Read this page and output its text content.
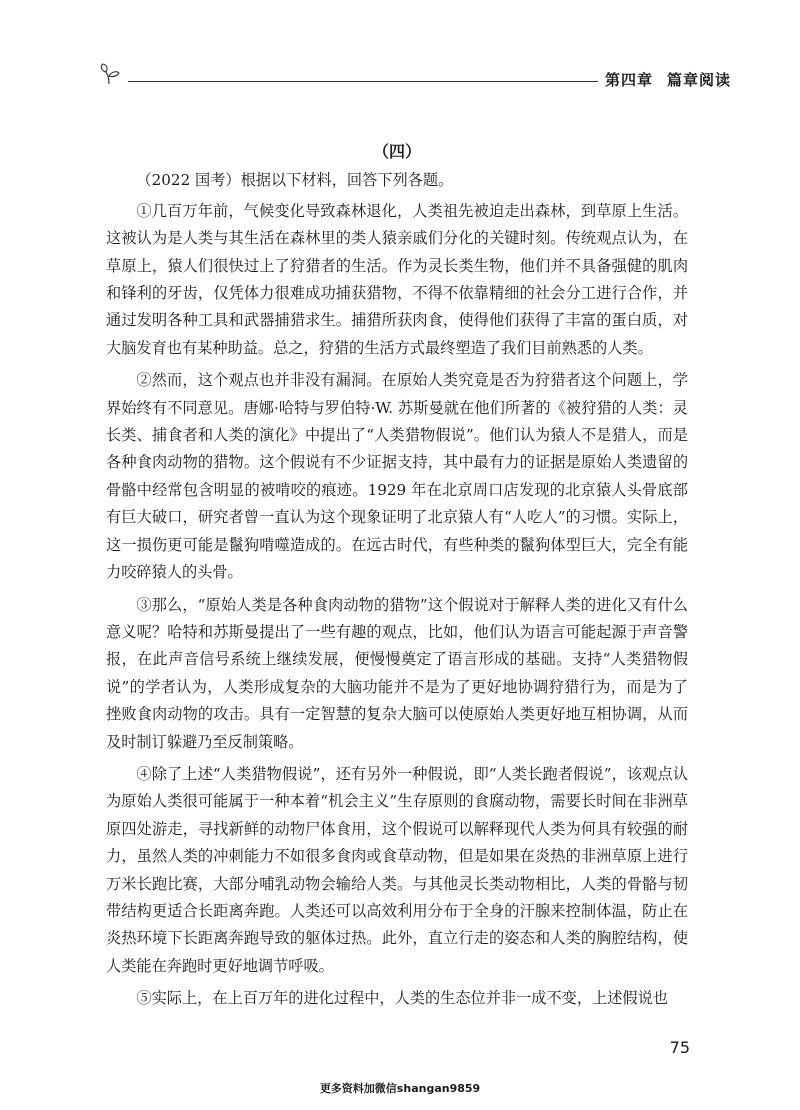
第四章 篇章阅读
（四）

（2022 国考）根据以下材料，回答下列各题。

①几百万年前，气候变化导致森林退化，人类祖先被迫走出森林，到草原上生活。这被认为是人类与其生活在森林里的类人猿亲戚们分化的关键时刻。传统观点认为，在草原上，猿人们很快过上了狩猎者的生活。作为灵长类生物，他们并不具备强健的肌肉和锋利的牙齿，仅凭体力很难成功捕获猎物，不得不依靠精细的社会分工进行合作，并通过发明各种工具和武器捕猎求生。捕猎所获肉食，使得他们获得了丰富的蛋白质，对大脑发育也有某种助益。总之，狩猎的生活方式最终塑造了我们目前熟悉的人类。

②然而，这个观点也并非没有漏洞。在原始人类究竟是否为狩猎者这个问题上，学界始终有不同意见。唐娜·哈特与罗伯特·W. 苏斯曼就在他们所著的《被狩猎的人类：灵长类、捕食者和人类的演化》中提出了“人类猎物假说”。他们认为猿人不是猎人，而是各种食肉动物的猎物。这个假说有不少证据支持，其中最有力的证据是原始人类遗留的骨骼中经常包含明显的被啃咬的痕迹。1929 年在北京周口店发现的北京猿人头骨底部有巨大破口，研究者曾一直认为这个现象证明了北京猿人有“人吃人”的习惯。实际上，这一损伤更可能是鬣狗啃噬造成的。在远古时代，有些种类的鬣狗体型巨大，完全有能力咬碎猿人的头骨。

③那么，“原始人类是各种食肉动物的猎物”这个假说对于解释人类的进化又有什么意义呢？哈特和苏斯曼提出了一些有趣的观点，比如，他们认为语言可能起源于声音警报，在此声音信号系统上继续发展，便慢慢奠定了语言形成的基础。支持“人类猎物假说”的学者认为，人类形成复杂的大脑功能并不是为了更好地协调狩猎行为，而是为了挫败食肉动物的攻击。具有一定智慧的复杂大脑可以使原始人类更好地互相协调，从而及时制订躲避乃至反制策略。

④除了上述“人类猎物假说”，还有另外一种假说，即“人类长跑者假说”，该观点认为原始人类很可能属于一种本着“机会主义”生存原则的食腐动物，需要长时间在非洲草原四处游走，寻找新鲜的动物尸体食用，这个假说可以解释现代人类为何具有较强的耐力，虽然人类的冲刺能力不如很多食肉或食草动物，但是如果在炎热的非洲草原上进行万米长跑比赛，大部分哺乳动物会输给人类。与其他灵长类动物相比，人类的骨骼与韧带结构更适合长距离奔跑。人类还可以高效利用分布于全身的汗腺来控制体温，防止在炎热环境下长距离奔跑导致的躯体过热。此外，直立行走的姿态和人类的胸腔结构，使人类能在奔跑时更好地调节呼吸。

⑤实际上，在上百万年的进化过程中，人类的生态位并非一成不变，上述假说也

75
更多资料加微信shangan9859
